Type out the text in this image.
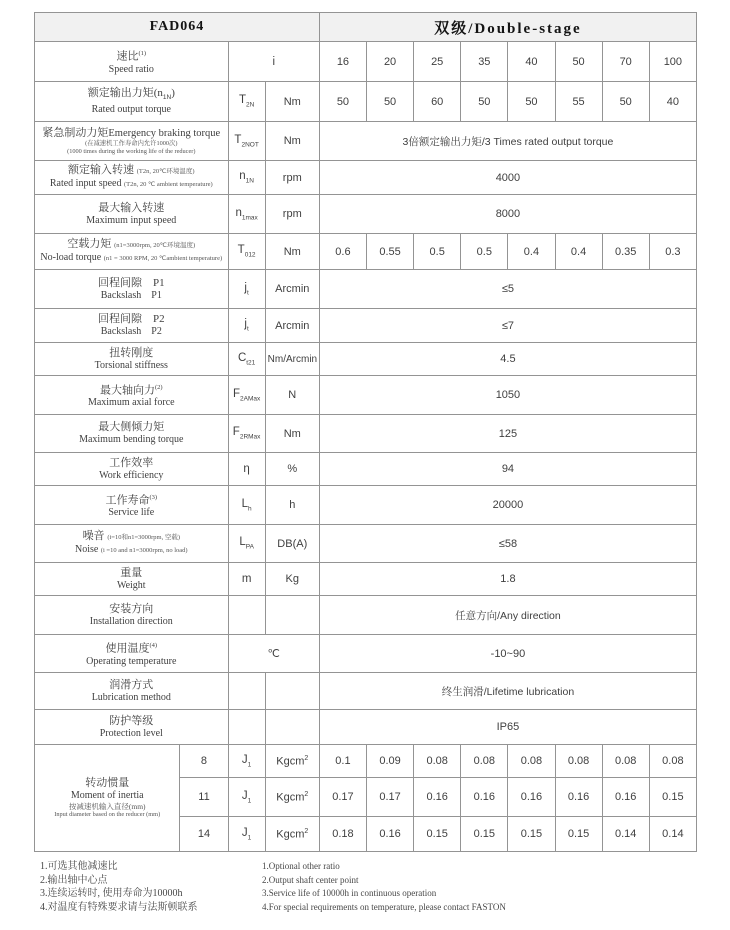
FAD064				双级/Double-stage							

速比$^{(1)}$
Speed ratio		i		16	20	25	35	40	50	70	100

额定输出力矩$(n_{1N})$
Rated output torque		$T_{2N}$	Nm	50	50	60	50	50	55	50	40

紧急制动力矩Emergency braking torque
(在减速机工作寿命内允许1000次)
(1000 times during the working life of the reducer)		$T_{2NOT}$	Nm	3倍额定输出力矩/3 Times rated output torque							

额定输入转速 (T2n, 20℃环境温度)
Rated input speed (T2n, 20 ℃ ambient temperature)		$n_{1N}$	rpm	4000							

最大输入转速
Maximum input speed		$n_{1max}$	rpm	8000							

空载力矩 (n1=3000rpm, 20℃环境温度)
No-load torque (n1 = 3000 RPM, 20 ℃ambient temperature)		$T_{012}$	Nm	0.6	0.55	0.5	0.5	0.4	0.4	0.35	0.3

回程间隙　P1
Backslash　P1		$j_t$	Arcmin	≤5							

回程间隙　P2
Backslash　P2		$j_t$	Arcmin	≤7							

扭转刚度
Torsional stiffness		$C_{t21}$	Nm/Arcmin	4.5							

最大轴向力$^{(2)}$
Maximum axial force		$F_{2AMax}$	N	1050							

最大侧倾力矩
Maximum bending torque		$F_{2RMax}$	Nm	125							

工作效率
Work efficiency		η	%	94							

工作寿命$^{(3)}$
Service life		$L_h$	h	20000							

噪音 (i=10和n1=3000rpm, 空载)
Noise (i =10 and n1=3000rpm, no load)		$L_{PA}$	DB(A)	≤58							

重量
Weight		m	Kg	1.8							

安装方向
Installation direction				任意方向/Any direction							

使用温度$^{(4)}$
Operating temperature		℃		-10~90							

润滑方式
Lubrication method				终生润滑/Lifetime lubrication							

防护等级
Protection level				IP65							

转动惯量
Moment of inertia
按减速机输入直径(mm)
Input diameter based on the reducer (mm)	8	$J_1$	Kgcm$^2$	0.1	0.09	0.08	0.08	0.08	0.08	0.08	0.08
	11	$J_1$	Kgcm$^2$	0.17	0.17	0.16	0.16	0.16	0.16	0.16	0.15
	14	$J_1$	Kgcm$^2$	0.18	0.16	0.15	0.15	0.15	0.15	0.14	0.14
1.可选其他减速比
2.输出轴中心点
3.连续运转时, 使用寿命为10000h
4.对温度有特殊要求请与法斯顿联系
1.Optional other ratio
2.Output shaft center point
3.Service life of 10000h in continuous operation
4.For special requirements on temperature, please contact FASTON
